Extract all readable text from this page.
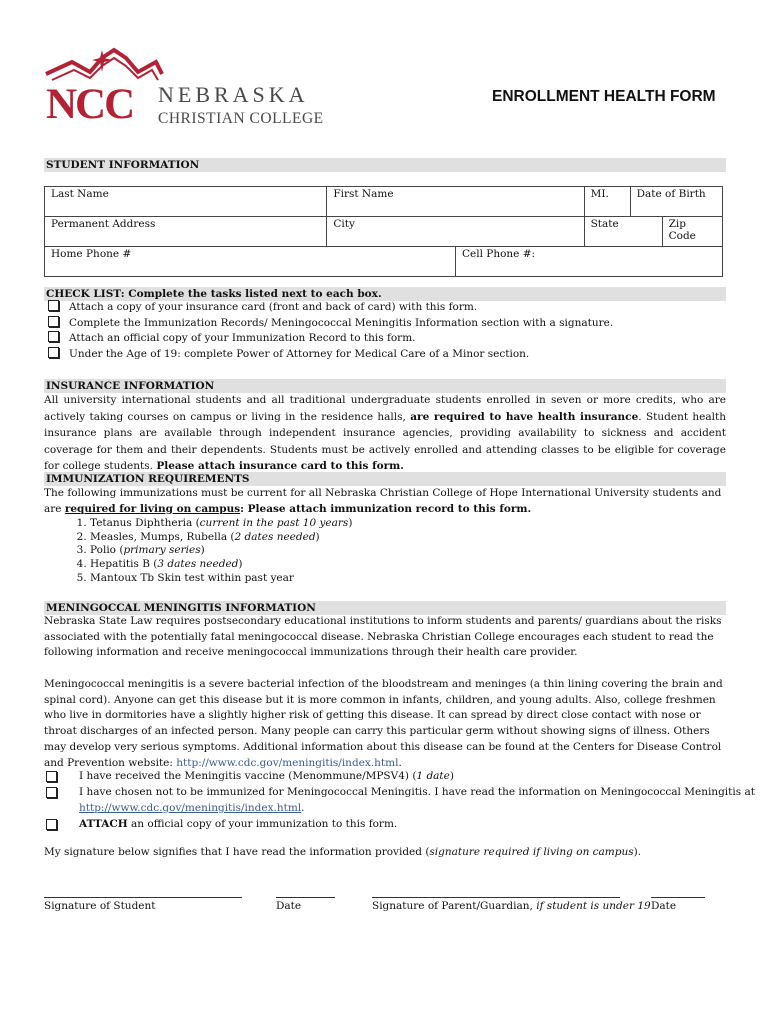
NCC NEBRASKA
CHRISTIAN COLLEGE
ENROLLMENT HEALTH FORM
STUDENT INFORMATION
Last Name	First Name		MI.	Date of Birth	
Permanent Address	City		State		Zip Code
Home Phone #		Cell Phone #:			
CHECK LIST: Complete the tasks listed next to each box.
Attach a copy of your insurance card (front and back of card) with this form.
Complete the Immunization Records/ Meningococcal Meningitis Information section with a signature.
Attach an official copy of your Immunization Record to this form.
Under the Age of 19: complete Power of Attorney for Medical Care of a Minor section.
INSURANCE INFORMATION
All university international students and all traditional undergraduate students enrolled in seven or more credits, who are actively taking courses on campus or living in the residence halls, are required to have health insurance. Student health insurance plans are available through independent insurance agencies, providing availability to sickness and accident coverage for them and their dependents. Students must be actively enrolled and attending classes to be eligible for coverage for college students. Please attach insurance card to this form.
IMMUNIZATION REQUIREMENTS
The following immunizations must be current for all Nebraska Christian College of Hope International University students and are required for living on campus: Please attach immunization record to this form.
1. Tetanus Diphtheria (current in the past 10 years)
2. Measles, Mumps, Rubella (2 dates needed)
3. Polio (primary series)
4. Hepatitis B (3 dates needed)
5. Mantoux Tb Skin test within past year
MENINGOCCAL MENINGITIS INFORMATION
Nebraska State Law requires postsecondary educational institutions to inform students and parents/ guardians about the risks associated with the potentially fatal meningococcal disease. Nebraska Christian College encourages each student to read the following information and receive meningococcal immunizations through their health care provider.
Meningococcal meningitis is a severe bacterial infection of the bloodstream and meninges (a thin lining covering the brain and spinal cord). Anyone can get this disease but it is more common in infants, children, and young adults. Also, college freshmen who live in dormitories have a slightly higher risk of getting this disease. It can spread by direct close contact with nose or throat discharges of an infected person. Many people can carry this particular germ without showing signs of illness. Others may develop very serious symptoms. Additional information about this disease can be found at the Centers for Disease Control and Prevention website: http://www.cdc.gov/meningitis/index.html.
I have received the Meningitis vaccine (Menommune/MPSV4) (1 date)
I have chosen not to be immunized for Meningococcal Meningitis. I have read the information on Meningococcal Meningitis at
http://www.cdc.gov/meningitis/index.html.
ATTACH an official copy of your immunization to this form.
My signature below signifies that I have read the information provided (signature required if living on campus).
Signature of Student	Date	Signature of Parent/Guardian, if student is under 19 Date
